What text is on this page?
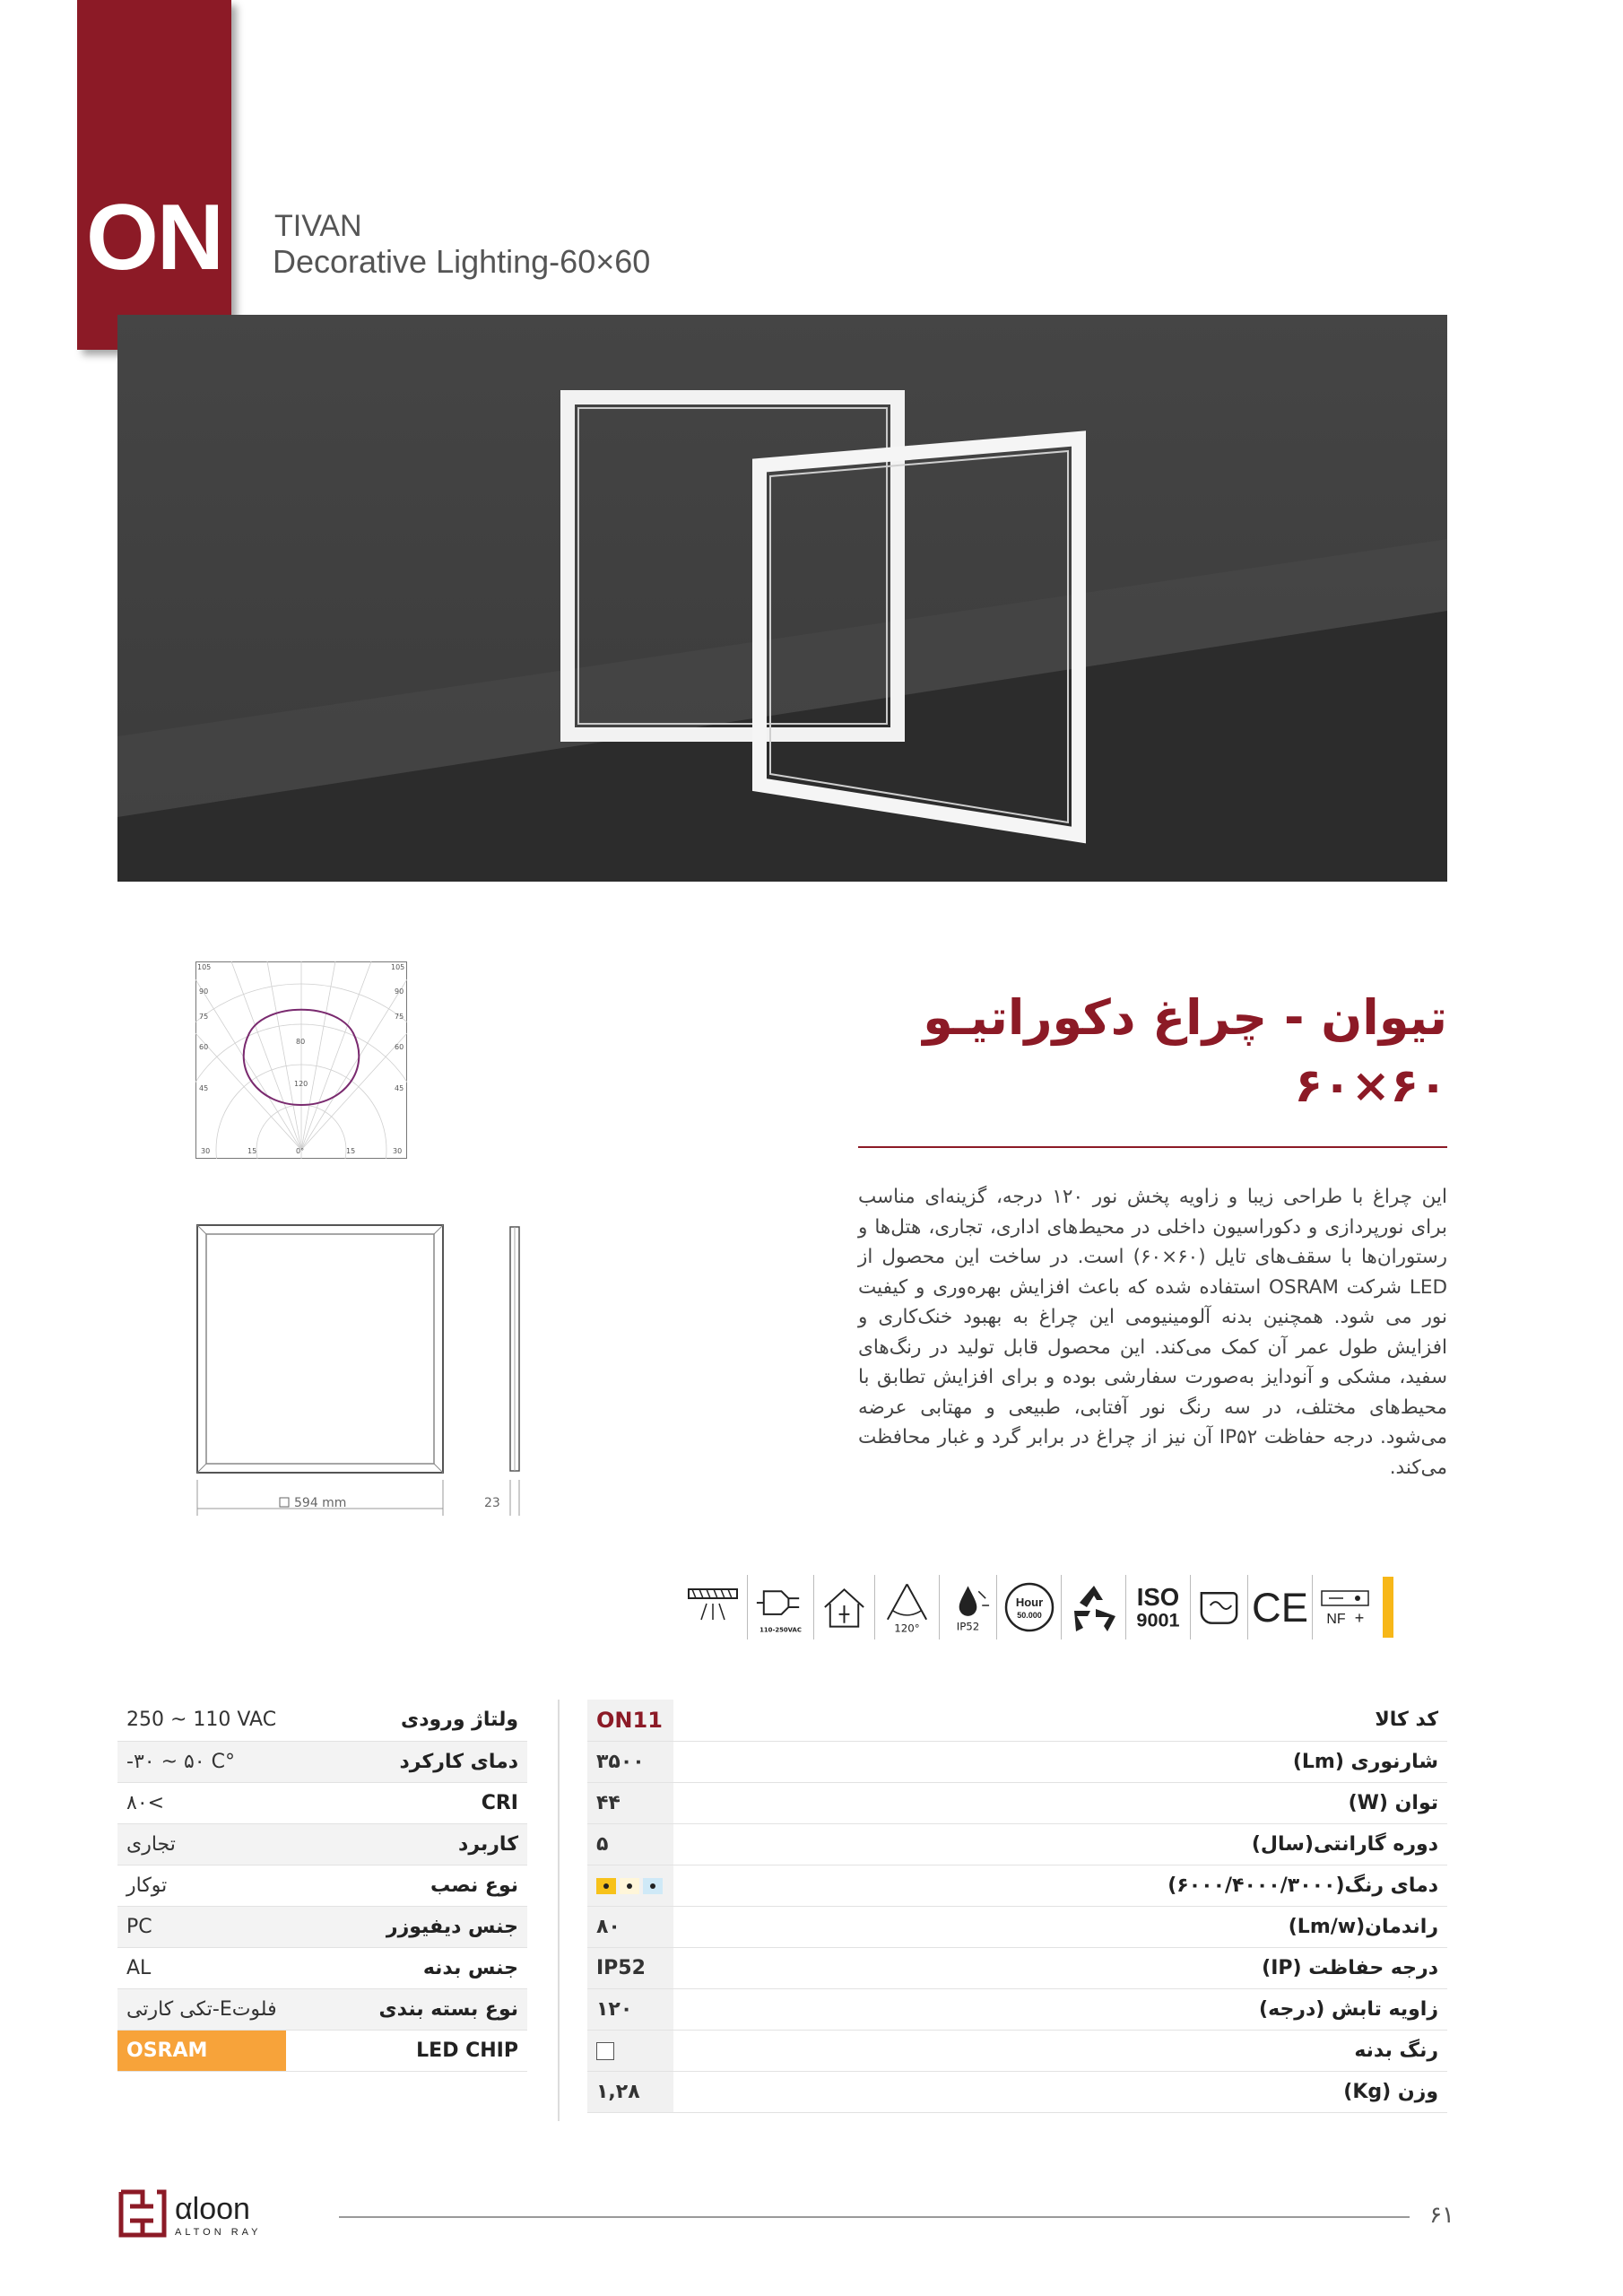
ON TIVAN
Decorative Lighting-60×60
105	105
90	90
75	75
60	60
45	45
30	15	0°	15	30
80
120
594 mm	23
تیوان - چراغ دکوراتیـو
۶۰×۶۰
این چراغ با طراحی زیبا و زاویه پخش نور ۱۲۰ درجه، گزینه‌ای مناسب برای نورپردازی و دکوراسیون داخلی در محیط‌های اداری، تجاری، هتل‌ها و رستوران‌ها با سقف‌های تایل (۶۰×۶۰) است. در ساخت این محصول از LED شرکت OSRAM استفاده شده که باعث افزایش بهره‌وری و کیفیت نور می شود. همچنین بدنه آلومینیومی این چراغ به بهبود خنک‌کاری و افزایش طول عمر آن کمک می‌کند. این محصول قابل تولید در رنگ‌های سفید، مشکی و آنودایز به‌صورت سفارشی بوده و برای افزایش تطابق با محیط‌های مختلف، در سه رنگ نور آفتابی، طبیعی و مهتابی عرضه می‌شود. درجه حفاظت IP۵۲ آن نیز از چراغ در برابر گرد و غبار محافظت می‌کند.
110-250VAC	120°	IP52
Hour
50.000
ISO
9001 CE NF +
ON11	کد کالا
۳۵۰۰	شارنوری (Lm)
۴۴	توان (W)
۵	دوره گارانتی(سال)

	دمای رنگ(۶۰۰۰/۴۰۰۰/۳۰۰۰)
۸۰	راندمان(Lm/w)
IP52	درجه حفاظت (IP)
۱۲۰	زاویه تابش (درجه)
	رنگ بدنه
۱,۲۸	وزن (Kg)
250 ~ 110 VAC	ولتاژ ورودی
-۳۰ ~ ۵۰ C°	دمای کارکرد
۸۰<	CRI
تجاری	کاربرد
توکار	نوع نصب
PC	جنس دیفیوزر
AL	جنس بدنه
تکی کارتی-Eفلوت	نوع بسته بندی
OSRAM	LED CHIP
αloon
ALTON RAY
۶۱
